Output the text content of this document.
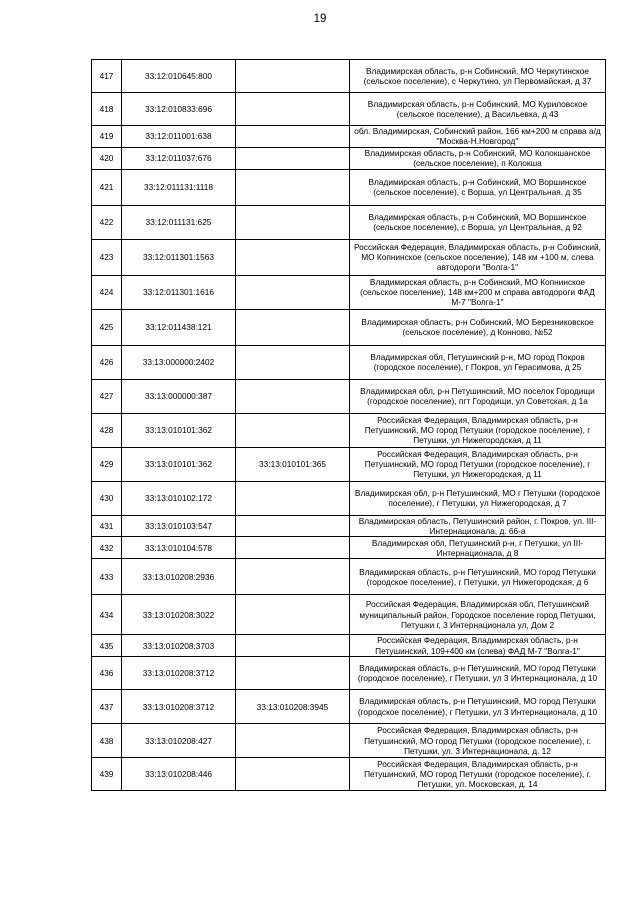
19
417	33:12:010645:800		Владимирская область, р-н Собинский, МО Черкутинское (сельское поселение), с Черкутино, ул Первомайская, д 37
418	33:12:010833:696		Владимирская область, р-н Собинский, МО Куриловское (сельское поселение), д Васильевка, д 43
419	33:12:011001:638		обл. Владимирская, Собинский район, 166 км+200 м справа а/д "Москва-Н.Новгород"
420	33:12:011037:676		Владимирская область, р-н Собинский, МО Колокшанское (сельское поселение), п Колокша
421	33:12:011131:1118		Владимирская область, р-н Собинский, МО Воршинское (сельское поселение), с Ворша, ул Центральная, д 35
422	33:12:011131:625		Владимирская область, р-н Собинский, МО Воршинское (сельское поселение), с Ворша, ул Центральная, д 92
423	33:12:011301:1563		Российская Федерация, Владимирская область, р-н Собинский, МО Копнинское (сельское поселение), 148 км +100 м, слева автодороги "Волга-1"
424	33:12:011301:1616		Владимирская область, р-н Собинский, МО Копнинское (сельское поселение), 148 км+200 м справа автодороги ФАД М-7 "Волга-1"
425	33:12:011438:121		Владимирская область, р-н Собинский, МО Березниковское (сельское поселение), д Конново, №52
426	33:13:000000:2402		Владимирская обл, Петушинский р-н, МО город Покров (городское поселение), г Покров, ул Герасимова, д 25
427	33:13:000000:387		Владимирская обл, р-н Петушинский, МО поселок Городищи (городское поселение), пгт Городищи, ул Советская, д 1а
428	33:13:010101:362		Российская Федерация, Владимирская область, р-н Петушинский, МО город Петушки (городское поселение), г Петушки, ул Нижегородская, д 11
429	33:13:010101:362	33:13:010101:365	Российская Федерация, Владимирская область, р-н Петушинский, МО город Петушки (городское поселение), г Петушки, ул Нижегородская, д 11
430	33:13:010102:172		Владимирская обл, р-н Петушинский, МО г Петушки (городское поселение), г Петушки, ул Нижегородская, д 7
431	33:13:010103:547		Владимирская область, Петушинский район, г. Покров, ул. III-Интернационала, д. 66-а
432	33:13:010104:578		Владимирская обл, Петушинский р-н, г Петушки, ул III-Интернационала, д 8
433	33:13:010208:2936		Владимирская область, р-н Петушинский, МО город Петушки (городское поселение), г Петушки, ул Нижегородская, д 6
434	33:13:010208:3022		Российская Федерация, Владимирская обл, Петушинский муниципальный район, Городское поселение город Петушки, Петушки г, 3 Интернационала ул, Дом 2
435	33:13:010208:3703		Российская Федерация, Владимирская область, р-н Петушинский, 109+400 км (слева) ФАД М-7 "Волга-1"
436	33:13:010208:3712		Владимирская область, р-н Петушинский, МО город Петушки (городское поселение), г Петушки, ул 3 Интернационала, д 10
437	33:13:010208:3712	33:13:010208:3945	Владимирская область, р-н Петушинский, МО город Петушки (городское поселение), г Петушки, ул 3 Интернационала, д 10
438	33:13:010208:427		Российская Федерация, Владимирская область, р-н Петушинский, МО город Петушки (городское поселение), г. Петушки, ул. 3 Интернационала, д. 12
439	33:13:010208:446		Российская Федерация, Владимирская область, р-н Петушинский, МО город Петушки (городское поселение), г. Петушки, ул. Московская, д. 14
